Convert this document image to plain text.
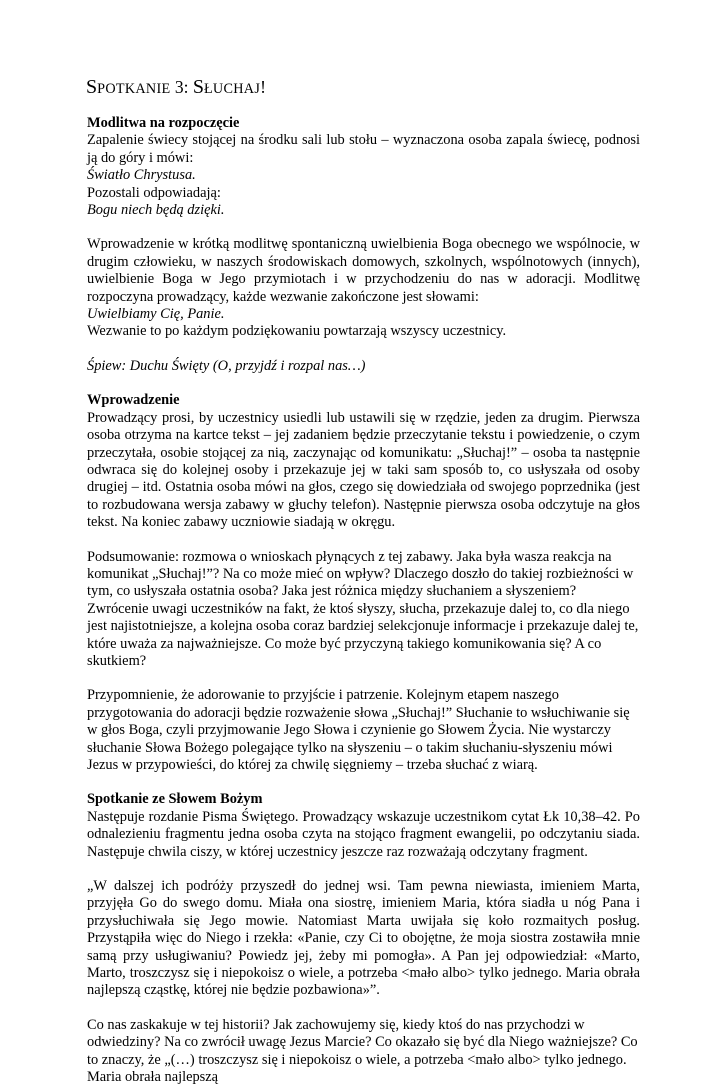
SPOTKANIE 3: SŁUCHAJ!

Modlitwa na rozpoczęcie

Zapalenie świecy stojącej na środku sali lub stołu – wyznaczona osoba zapala świecę, podnosi ją do góry i mówi:

Światło Chrystusa.

Pozostali odpowiadają:

Bogu niech będą dzięki.

Wprowadzenie w krótką modlitwę spontaniczną uwielbienia Boga obecnego we wspólnocie, w drugim człowieku, w naszych środowiskach domowych, szkolnych, wspólnotowych (innych), uwielbienie Boga w Jego przymiotach i w przychodzeniu do nas w adoracji. Modlitwę rozpoczyna prowadzący, każde wezwanie zakończone jest słowami:

Uwielbiamy Cię, Panie.

Wezwanie to po każdym podziękowaniu powtarzają wszyscy uczestnicy.

Śpiew: Duchu Święty (O, przyjdź i rozpal nas…)

Wprowadzenie

Prowadzący prosi, by uczestnicy usiedli lub ustawili się w rzędzie, jeden za drugim. Pierwsza osoba otrzyma na kartce tekst – jej zadaniem będzie przeczytanie tekstu i powiedzenie, o czym przeczytała, osobie stojącej za nią, zaczynając od komunikatu: „Słuchaj!” – osoba ta następnie odwraca się do kolejnej osoby i przekazuje jej w taki sam sposób to, co usłyszała od osoby drugiej – itd. Ostatnia osoba mówi na głos, czego się dowiedziała od swojego poprzednika (jest to rozbudowana wersja zabawy w głuchy telefon). Następnie pierwsza osoba odczytuje na głos tekst. Na koniec zabawy uczniowie siadają w okręgu.

Podsumowanie: rozmowa o wnioskach płynących z tej zabawy. Jaka była wasza reakcja na komunikat „Słuchaj!”? Na co może mieć on wpływ? Dlaczego doszło do takiej rozbieżności w tym, co usłyszała ostatnia osoba? Jaka jest różnica między słuchaniem a słyszeniem? Zwrócenie uwagi uczestników na fakt, że ktoś słyszy, słucha, przekazuje dalej to, co dla niego jest najistotniejsze, a kolejna osoba coraz bardziej selekcjonuje informacje i przekazuje dalej te, które uważa za najważniejsze. Co może być przyczyną takiego komunikowania się? A co skutkiem?

Przypomnienie, że adorowanie to przyjście i patrzenie. Kolejnym etapem naszego przygotowania do adoracji będzie rozważenie słowa „Słuchaj!” Słuchanie to wsłuchiwanie się w głos Boga, czyli przyjmowanie Jego Słowa i czynienie go Słowem Życia. Nie wystarczy słuchanie Słowa Bożego polegające tylko na słyszeniu – o takim słuchaniu-słyszeniu mówi Jezus w przypowieści, do której za chwilę sięgniemy – trzeba słuchać z wiarą.

Spotkanie ze Słowem Bożym

Następuje rozdanie Pisma Świętego. Prowadzący wskazuje uczestnikom cytat Łk 10,38–42. Po odnalezieniu fragmentu jedna osoba czyta na stojąco fragment ewangelii, po odczytaniu siada. Następuje chwila ciszy, w której uczestnicy jeszcze raz rozważają odczytany fragment.

„W dalszej ich podróży przyszedł do jednej wsi. Tam pewna niewiasta, imieniem Marta, przyjęła Go do swego domu. Miała ona siostrę, imieniem Maria, która siadła u nóg Pana i przysłuchiwała się Jego mowie. Natomiast Marta uwijała się koło rozmaitych posług. Przystąpiła więc do Niego i rzekła: «Panie, czy Ci to obojętne, że moja siostra zostawiła mnie samą przy usługiwaniu? Powiedz jej, żeby mi pomogła». A Pan jej odpowiedział: «Marto, Marto, troszczysz się i niepokoisz o wiele, a potrzeba <mało albo> tylko jednego. Maria obrała najlepszą cząstkę, której nie będzie pozbawiona»”.

Co nas zaskakuje w tej historii? Jak zachowujemy się, kiedy ktoś do nas przychodzi w odwiedziny? Na co zwrócił uwagę Jezus Marcie? Co okazało się być dla Niego ważniejsze? Co to znaczy, że „(…) troszczysz się i niepokoisz o wiele, a potrzeba <mało albo> tylko jednego. Maria obrała najlepszą
